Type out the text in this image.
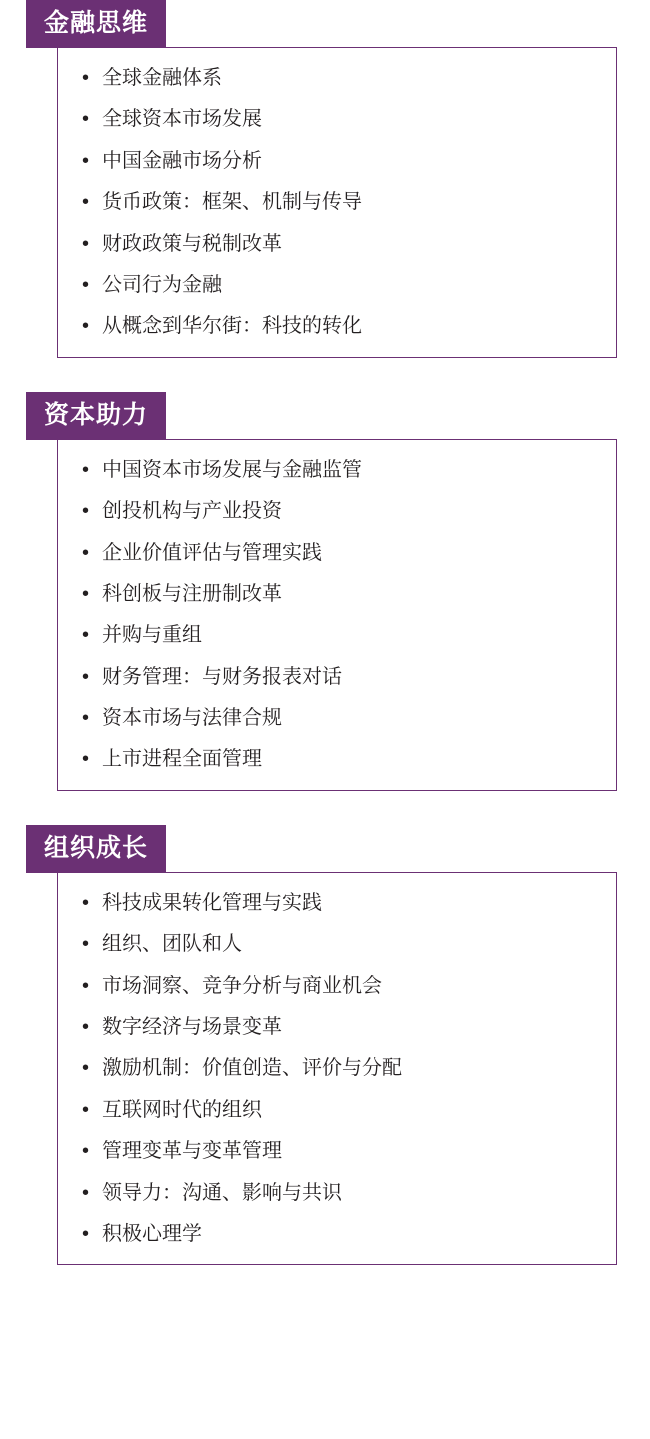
金融思维
• 全球金融体系
• 全球资本市场发展
• 中国金融市场分析
• 货币政策：框架、机制与传导
• 财政政策与税制改革
• 公司行为金融
• 从概念到华尔街：科技的转化
资本助力
• 中国资本市场发展与金融监管
• 创投机构与产业投资
• 企业价值评估与管理实践
• 科创板与注册制改革
• 并购与重组
• 财务管理：与财务报表对话
• 资本市场与法律合规
• 上市进程全面管理
组织成长
• 科技成果转化管理与实践
• 组织、团队和人
• 市场洞察、竞争分析与商业机会
• 数字经济与场景变革
• 激励机制：价值创造、评价与分配
• 互联网时代的组织
• 管理变革与变革管理
• 领导力：沟通、影响与共识
• 积极心理学
